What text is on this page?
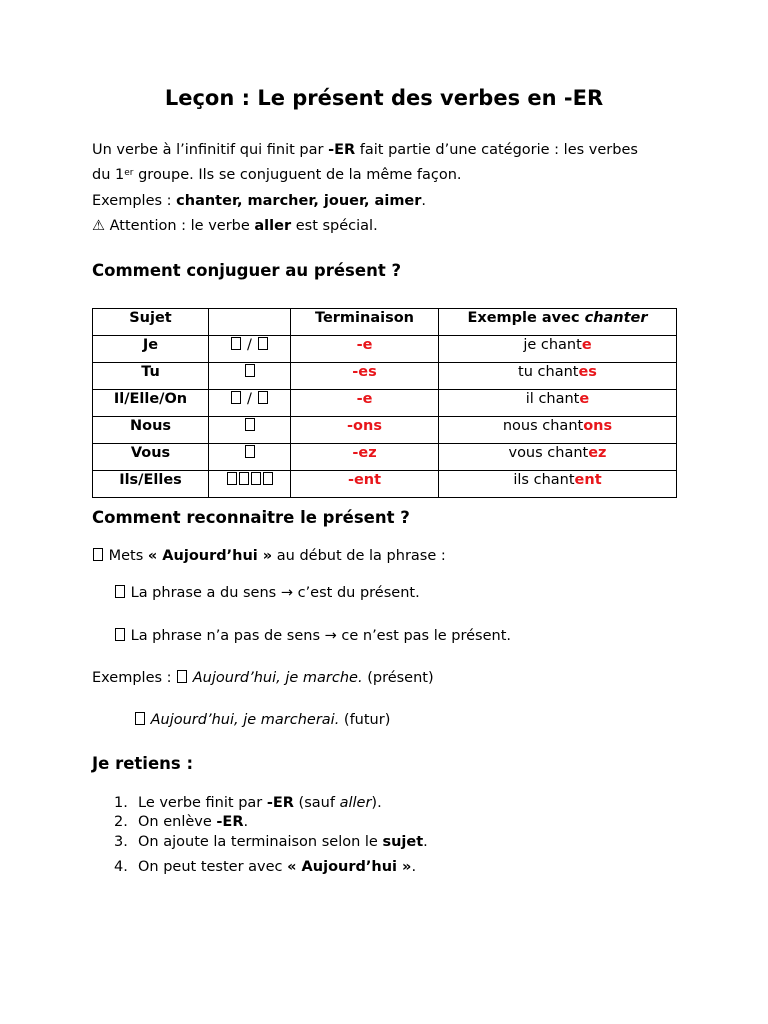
Leçon : Le présent des verbes en -ER
Un verbe à l’infinitif qui finit par -ER fait partie d’une catégorie : les verbes
du 1er groupe. Ils se conjuguent de la même façon.
Exemples : chanter, marcher, jouer, aimer.
⚠ Attention : le verbe aller est spécial.
Comment conjuguer au présent ?
Sujet		Terminaison	Exemple avec chanter
Je	/	-e	je chante
Tu		-es	tu chantes
Il/Elle/On	/	-e	il chante
Nous		-ons	nous chantons
Vous		-ez	vous chantez
Ils/Elles		-ent	ils chantent
Comment reconnaitre le présent ?
Mets « Aujourd’hui » au début de la phrase :
La phrase a du sens → c’est du présent.
La phrase n’a pas de sens → ce n’est pas le présent.
Exemples :  Aujourd’hui, je marche. (présent)
Aujourd’hui, je marcherai. (futur)
Je retiens :
1. Le verbe finit par -ER (sauf aller).
2. On enlève -ER.
3. On ajoute la terminaison selon le sujet.
4. On peut tester avec « Aujourd’hui ».
